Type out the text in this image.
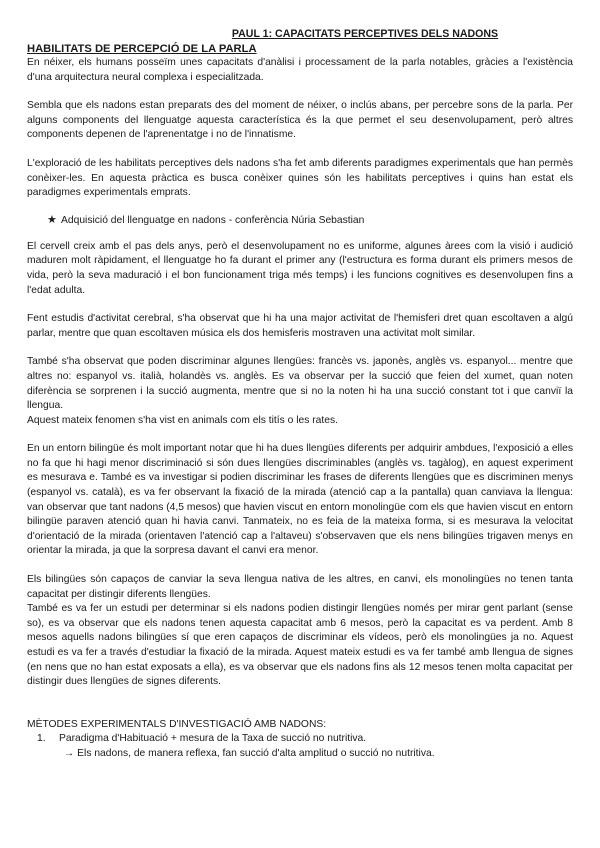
PAUL 1: CAPACITATS PERCEPTIVES DELS NADONS
HABILITATS DE PERCEPCIÓ DE LA PARLA

En néixer, els humans posseïm unes capacitats d'anàlisi i processament de la parla notables, gràcies a l'existència d'una arquitectura neural complexa i especialitzada.

Sembla que els nadons estan preparats des del moment de néixer, o inclús abans, per percebre sons de la parla. Per alguns components del llenguatge aquesta característica és la que permet el seu desenvolupament, però altres components depenen de l'aprenentatge i no de l'innatisme.

L'exploració de les habilitats perceptives dels nadons s'ha fet amb diferents paradigmes experimentals que han permès conèixer-les. En aquesta pràctica es busca conèixer quines són les habilitats perceptives i quins han estat els paradigmes experimentals emprats.

★ Adquisició del llenguatge en nadons - conferència Núria Sebastian

El cervell creix amb el pas dels anys, però el desenvolupament no es uniforme, algunes àrees com la visió i audició maduren molt ràpidament, el llenguatge ho fa durant el primer any (l'estructura es forma durant els primers mesos de vida, però la seva maduració i el bon funcionament triga més temps) i les funcions cognitives es desenvolupen fins a l'edat adulta.

Fent estudis d'activitat cerebral, s'ha observat que hi ha una major activitat de l'hemisferi dret quan escoltaven a algú parlar, mentre que quan escoltaven música els dos hemisferis mostraven una activitat molt similar.

També s'ha observat que poden discriminar algunes llengües: francès vs. japonès, anglès vs. espanyol... mentre que altres no: espanyol vs. italià, holandès vs. anglès. Es va observar per la succió que feien del xumet, quan noten diferència se sorprenen i la succió augmenta, mentre que si no la noten hi ha una succió constant tot i que canviï la llengua.

Aquest mateix fenomen s'ha vist en animals com els titís o les rates.

En un entorn bilingüe és molt important notar que hi ha dues llengües diferents per adquirir ambdues, l'exposició a elles no fa que hi hagi menor discriminació si són dues llengües discriminables (anglès vs. tagàlog), en aquest experiment es mesurava e. També es va investigar si podien discriminar les frases de diferents llengües que es discriminen menys (espanyol vs. català), es va fer observant la fixació de la mirada (atenció cap a la pantalla) quan canviava la llengua: van observar que tant nadons (4,5 mesos) que havien viscut en entorn monolingüe com els que havien viscut en entorn bilingüe paraven atenció quan hi havia canvi. Tanmateix, no es feia de la mateixa forma, si es mesurava la velocitat d'orientació de la mirada (orientaven l'atenció cap a l'altaveu) s'observaven que els nens bilingües trigaven menys en orientar la mirada, ja que la sorpresa davant el canvi era menor.

Els bilingües són capaços de canviar la seva llengua nativa de les altres, en canvi, els monolingües no tenen tanta capacitat per distingir diferents llengües.

També es va fer un estudi per determinar si els nadons podien distingir llengües només per mirar gent parlant (sense so), es va observar que els nadons tenen aquesta capacitat amb 6 mesos, però la capacitat es va perdent. Amb 8 mesos aquells nadons bilingües sí que eren capaços de discriminar els vídeos, però els monolingües ja no. Aquest estudi es va fer a través d'estudiar la fixació de la mirada. Aquest mateix estudi es va fer també amb llengua de signes (en nens que no han estat exposats a ella), es va observar que els nadons fins als 12 mesos tenen molta capacitat per distingir dues llengües de signes diferents.

MÈTODES EXPERIMENTALS D'INVESTIGACIÓ AMB NADONS:

1. Paradigma d'Habituació + mesura de la Taxa de succió no nutritiva.
→ Els nadons, de manera reflexa, fan succió d'alta amplitud o succió no nutritiva.
